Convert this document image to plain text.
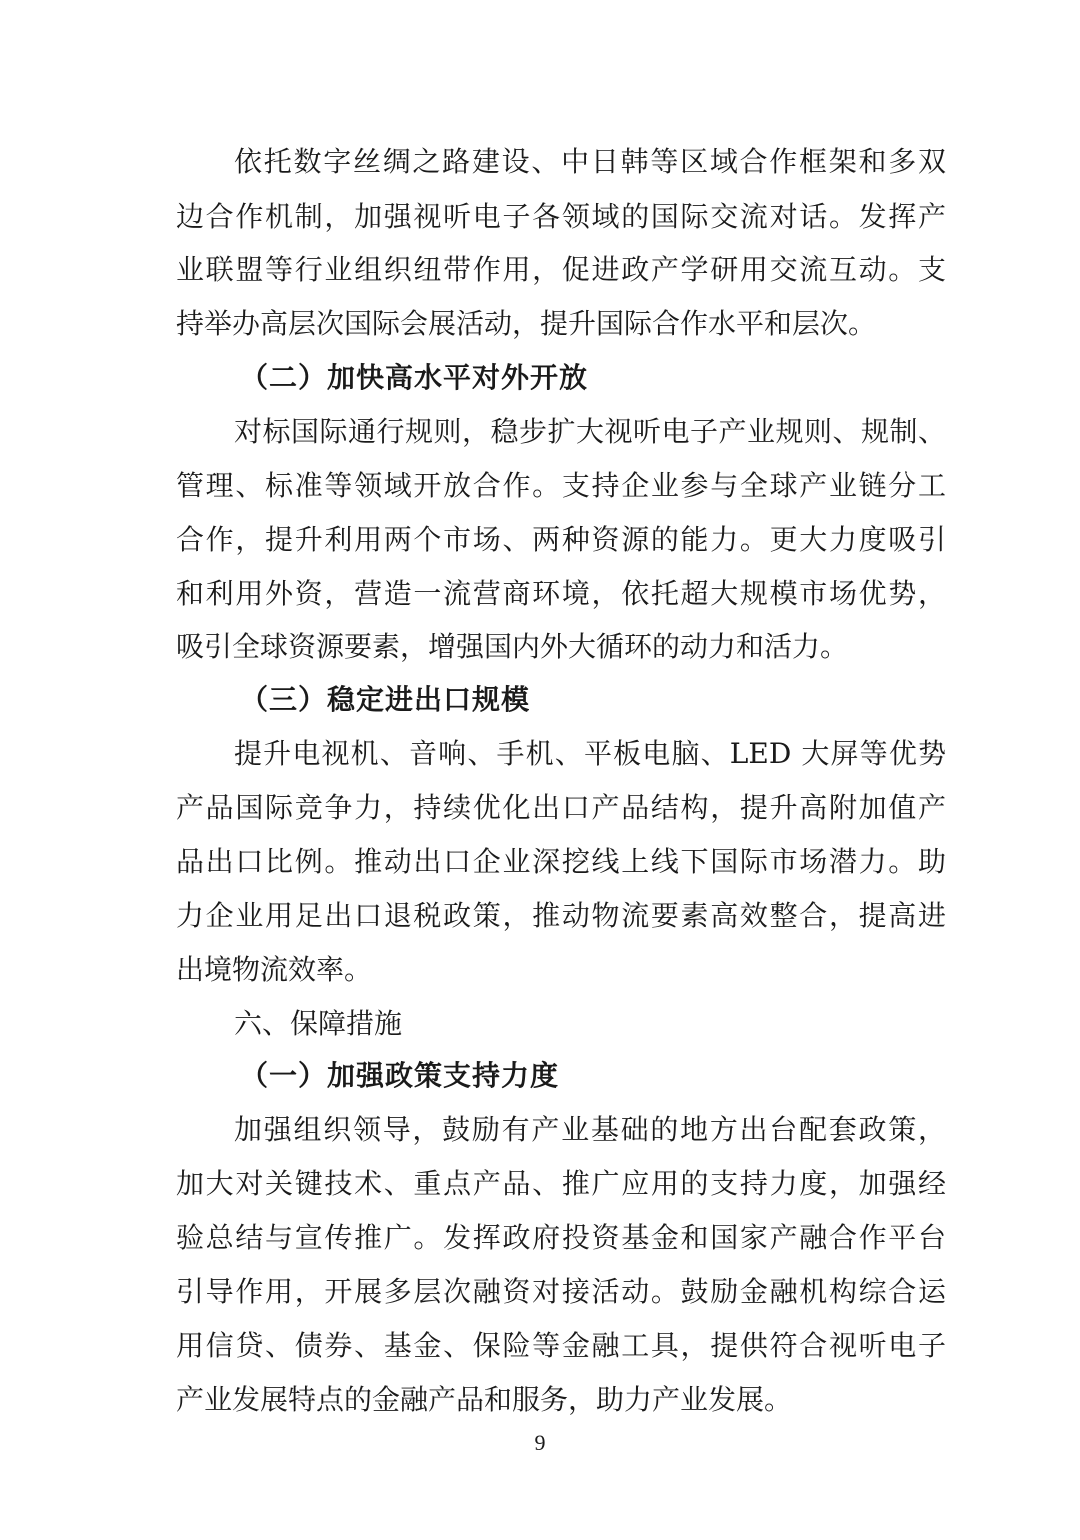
依托数字丝绸之路建设、中日韩等区域合作框架和多双
边合作机制，加强视听电子各领域的国际交流对话。发挥产
业联盟等行业组织纽带作用，促进政产学研用交流互动。支
持举办高层次国际会展活动，提升国际合作水平和层次。
（二）加快高水平对外开放
对标国际通行规则，稳步扩大视听电子产业规则、规制、
管理、标准等领域开放合作。支持企业参与全球产业链分工
合作，提升利用两个市场、两种资源的能力。更大力度吸引
和利用外资，营造一流营商环境，依托超大规模市场优势，
吸引全球资源要素，增强国内外大循环的动力和活力。
（三）稳定进出口规模
提升电视机、音响、手机、平板电脑、LED 大屏等优势
产品国际竞争力，持续优化出口产品结构，提升高附加值产
品出口比例。推动出口企业深挖线上线下国际市场潜力。助
力企业用足出口退税政策，推动物流要素高效整合，提高进
出境物流效率。
六、保障措施
（一）加强政策支持力度
加强组织领导，鼓励有产业基础的地方出台配套政策，
加大对关键技术、重点产品、推广应用的支持力度，加强经
验总结与宣传推广。发挥政府投资基金和国家产融合作平台
引导作用，开展多层次融资对接活动。鼓励金融机构综合运
用信贷、债券、基金、保险等金融工具，提供符合视听电子
产业发展特点的金融产品和服务，助力产业发展。
9
